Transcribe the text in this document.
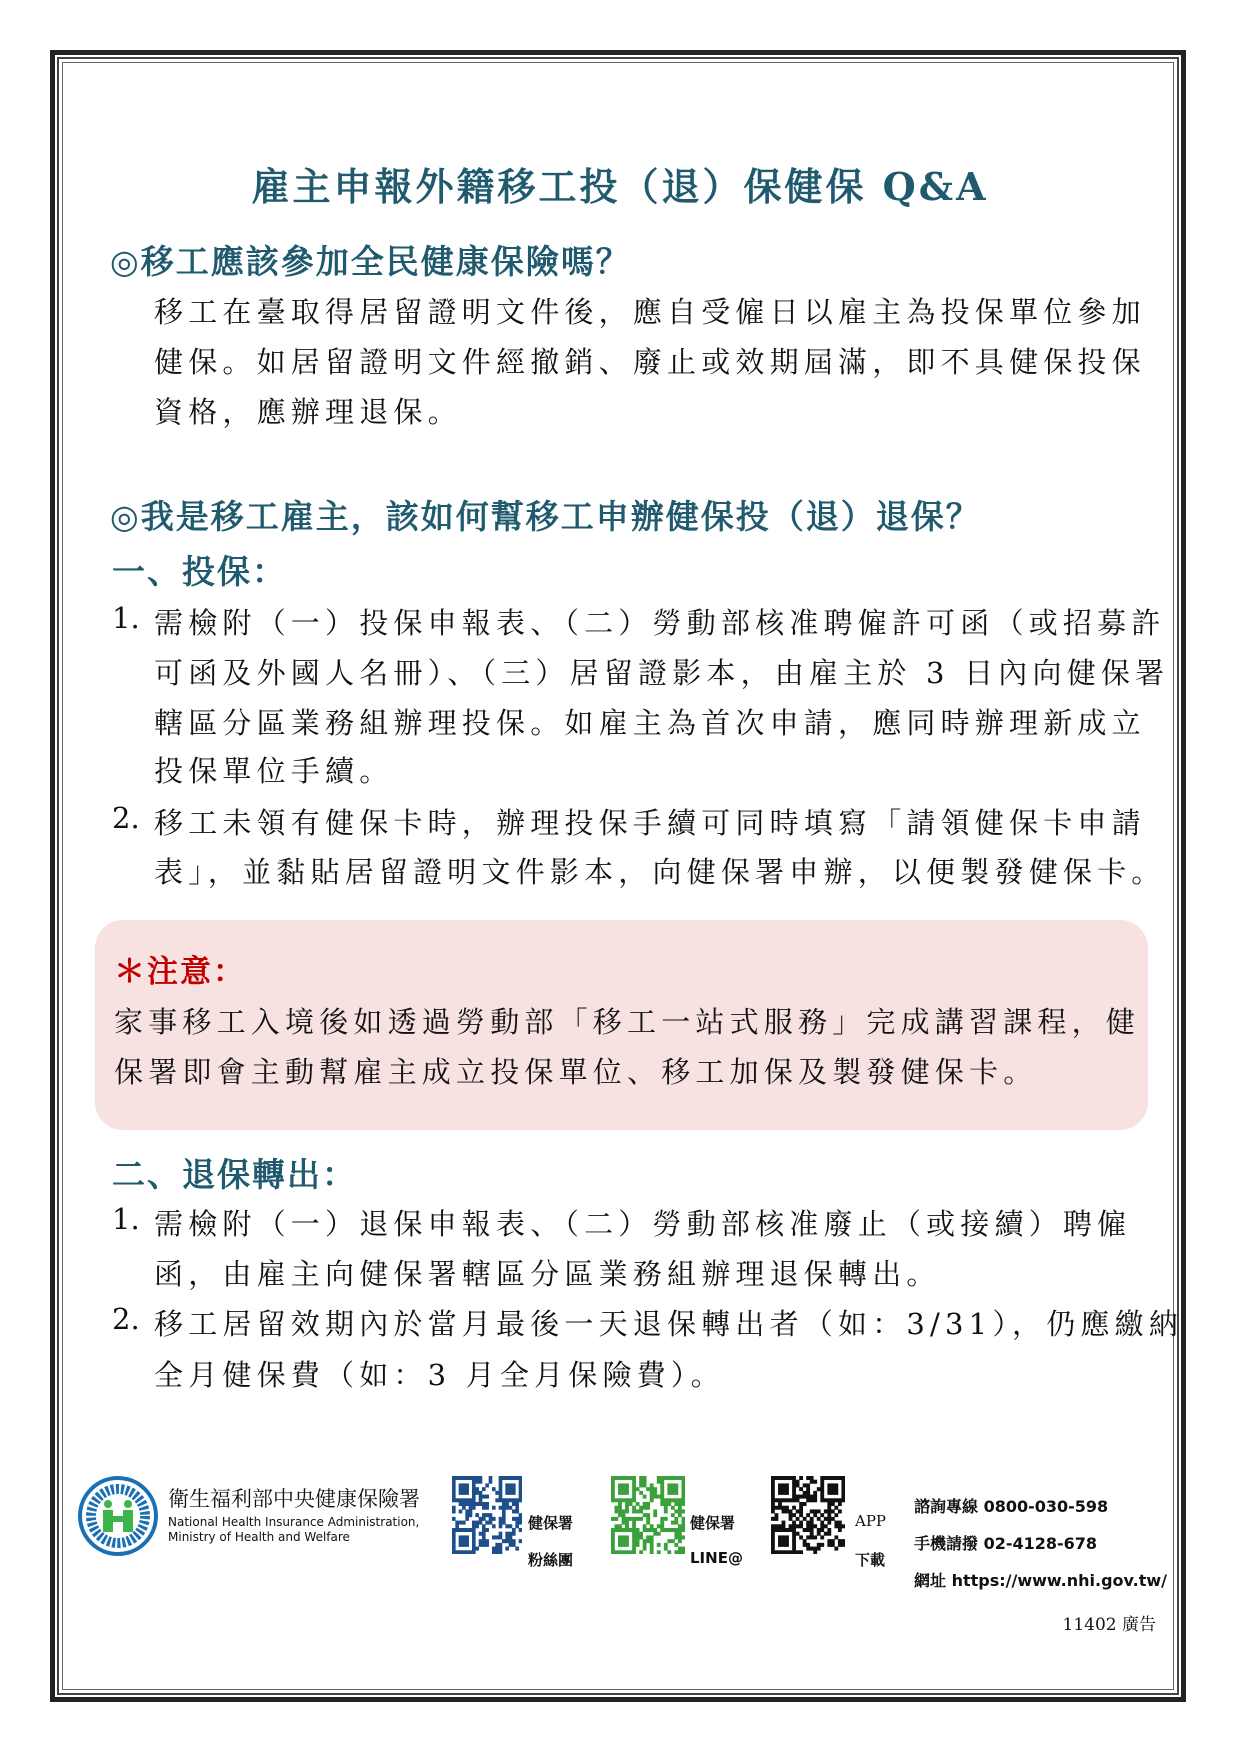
雇主申報外籍移工投（退）保健保 Q&A
◎移工應該參加全民健康保險嗎？
移工在臺取得居留證明文件後，應自受僱日以雇主為投保單位參加
健保。如居留證明文件經撤銷、廢止或效期屆滿，即不具健保投保
資格，應辦理退保。
◎我是移工雇主，該如何幫移工申辦健保投（退）退保？
一、投保：
1. 需檢附（一）投保申報表、（二）勞動部核准聘僱許可函（或招募許
可函及外國人名冊）、（三）居留證影本，由雇主於 3 日內向健保署
轄區分區業務組辦理投保。如雇主為首次申請，應同時辦理新成立
投保單位手續。
2. 移工未領有健保卡時，辦理投保手續可同時填寫「請領健保卡申請
表」，並黏貼居留證明文件影本，向健保署申辦，以便製發健保卡。
＊注意：
家事移工入境後如透過勞動部「移工一站式服務」完成講習課程，健
保署即會主動幫雇主成立投保單位、移工加保及製發健保卡。
二、退保轉出：
1. 需檢附（一）退保申報表、（二）勞動部核准廢止（或接續）聘僱
函，由雇主向健保署轄區分區業務組辦理退保轉出。
2. 移工居留效期內於當月最後一天退保轉出者（如：3/31），仍應繳納
全月健保費（如：3 月全月保險費）。
衛生福利部中央健康保險署
National Health Insurance Administration,
Ministry of Health and Welfare
健保署
粉絲團
健保署
LINE@
APP
下載
諮詢專線 0800-030-598
手機請撥 02-4128-678
網址 https://www.nhi.gov.tw/
11402 廣告
